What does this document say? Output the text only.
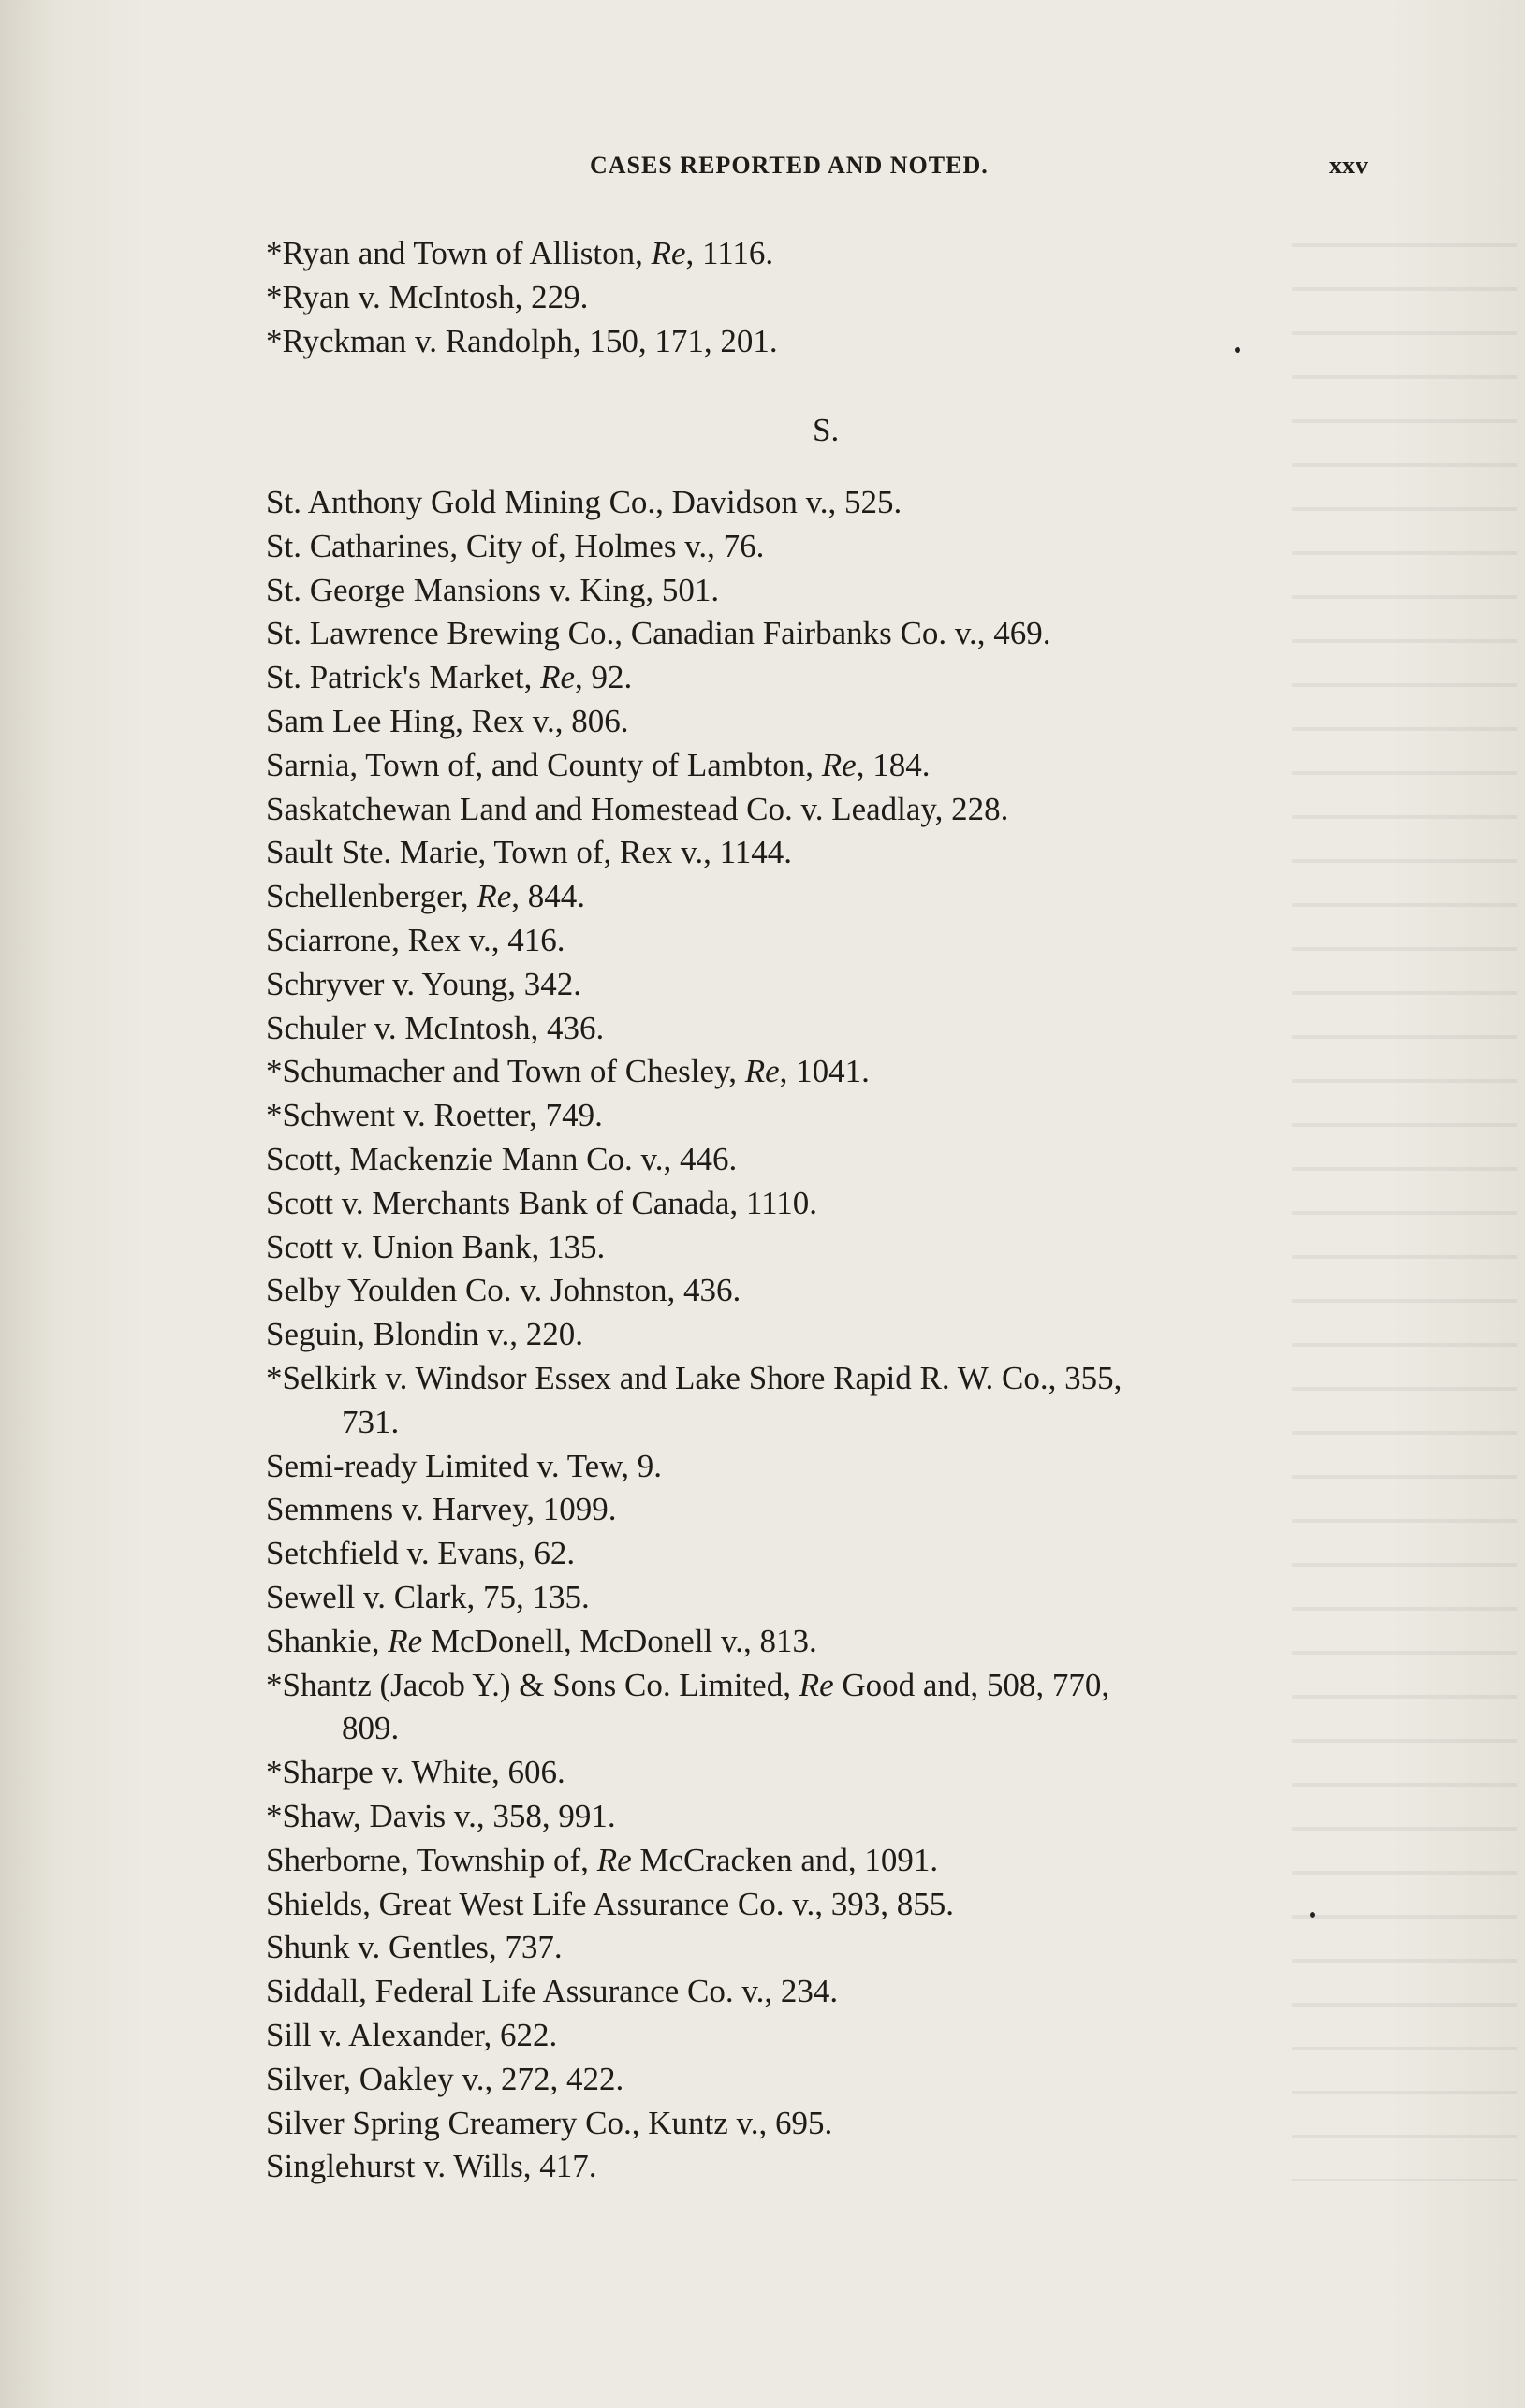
CASES REPORTED AND NOTED.	xxv
*Ryan and Town of Alliston, Re, 1116.
*Ryan v. McIntosh, 229.
*Ryckman v. Randolph, 150, 171, 201.
S.
St. Anthony Gold Mining Co., Davidson v., 525.
St. Catharines, City of, Holmes v., 76.
St. George Mansions v. King, 501.
St. Lawrence Brewing Co., Canadian Fairbanks Co. v., 469.
St. Patrick's Market, Re, 92.
Sam Lee Hing, Rex v., 806.
Sarnia, Town of, and County of Lambton, Re, 184.
Saskatchewan Land and Homestead Co. v. Leadlay, 228.
Sault Ste. Marie, Town of, Rex v., 1144.
Schellenberger, Re, 844.
Sciarrone, Rex v., 416.
Schryver v. Young, 342.
Schuler v. McIntosh, 436.
*Schumacher and Town of Chesley, Re, 1041.
*Schwent v. Roetter, 749.
Scott, Mackenzie Mann Co. v., 446.
Scott v. Merchants Bank of Canada, 1110.
Scott v. Union Bank, 135.
Selby Youlden Co. v. Johnston, 436.
Seguin, Blondin v., 220.
*Selkirk v. Windsor Essex and Lake Shore Rapid R. W. Co., 355,
731.
Semi-ready Limited v. Tew, 9.
Semmens v. Harvey, 1099.
Setchfield v. Evans, 62.
Sewell v. Clark, 75, 135.
Shankie, Re McDonell, McDonell v., 813.
*Shantz (Jacob Y.) & Sons Co. Limited, Re Good and, 508, 770,
809.
*Sharpe v. White, 606.
*Shaw, Davis v., 358, 991.
Sherborne, Township of, Re McCracken and, 1091.
Shields, Great West Life Assurance Co. v., 393, 855.
Shunk v. Gentles, 737.
Siddall, Federal Life Assurance Co. v., 234.
Sill v. Alexander, 622.
Silver, Oakley v., 272, 422.
Silver Spring Creamery Co., Kuntz v., 695.
Singlehurst v. Wills, 417.
